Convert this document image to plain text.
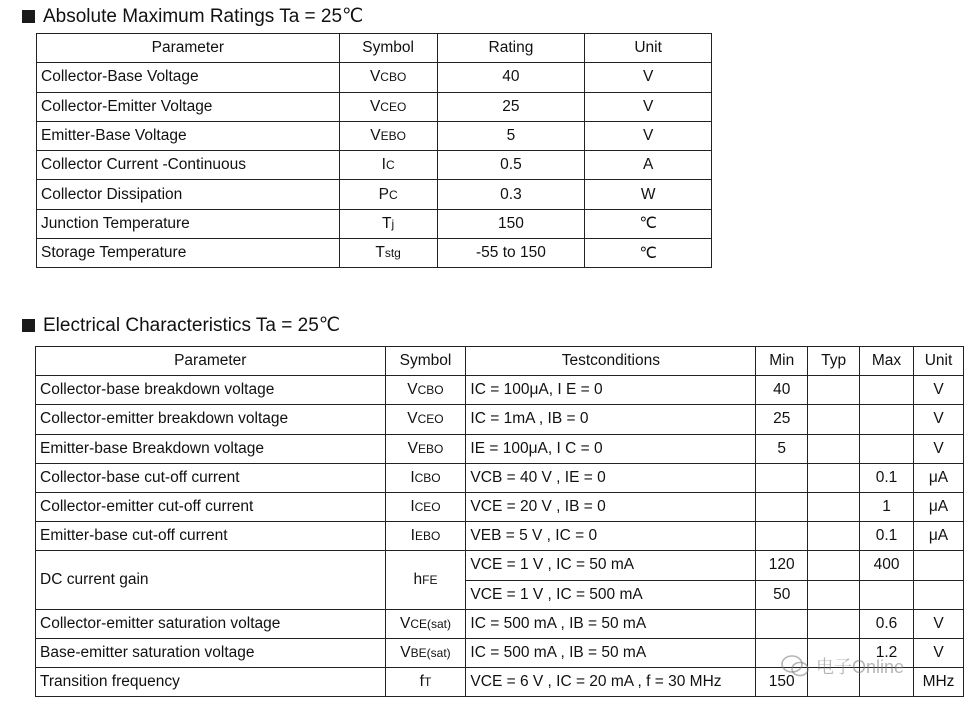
Absolute Maximum Ratings Ta = 25℃
Parameter	Symbol	Rating	Unit
Collector-Base Voltage	VCBO	40	V
Collector-Emitter Voltage	VCEO	25	V
Emitter-Base Voltage	VEBO	5	V
Collector Current -Continuous	IC	0.5	A
Collector Dissipation	PC	0.3	W
Junction Temperature	Tj	150	℃
Storage Temperature	Tstg	-55 to 150	℃
Electrical Characteristics Ta = 25℃
Parameter	Symbol	Testconditions	Min	Typ	Max	Unit
Collector-base breakdown voltage	VCBO	IC = 100μA, I E = 0	40			V
Collector-emitter breakdown voltage	VCEO	IC = 1mA , IB = 0	25			V
Emitter-base Breakdown voltage	VEBO	IE = 100μA, I C = 0	5			V
Collector-base cut-off current	ICBO	VCB = 40 V , IE = 0			0.1	μA
Collector-emitter cut-off current	ICEO	VCE = 20 V , IB = 0			1	μA
Emitter-base cut-off current	IEBO	VEB = 5 V , IC = 0			0.1	μA
DC current gain	hFE	VCE = 1 V , IC = 50 mA	120		400	
		VCE = 1 V , IC = 500 mA	50			
Collector-emitter saturation voltage	VCE(sat)	IC = 500 mA , IB = 50 mA			0.6	V
Base-emitter saturation voltage	VBE(sat)	IC = 500 mA , IB = 50 mA			1.2	V
Transition frequency	fT	VCE = 6 V , IC = 20 mA , f = 30 MHz	150			MHz
电子Online
